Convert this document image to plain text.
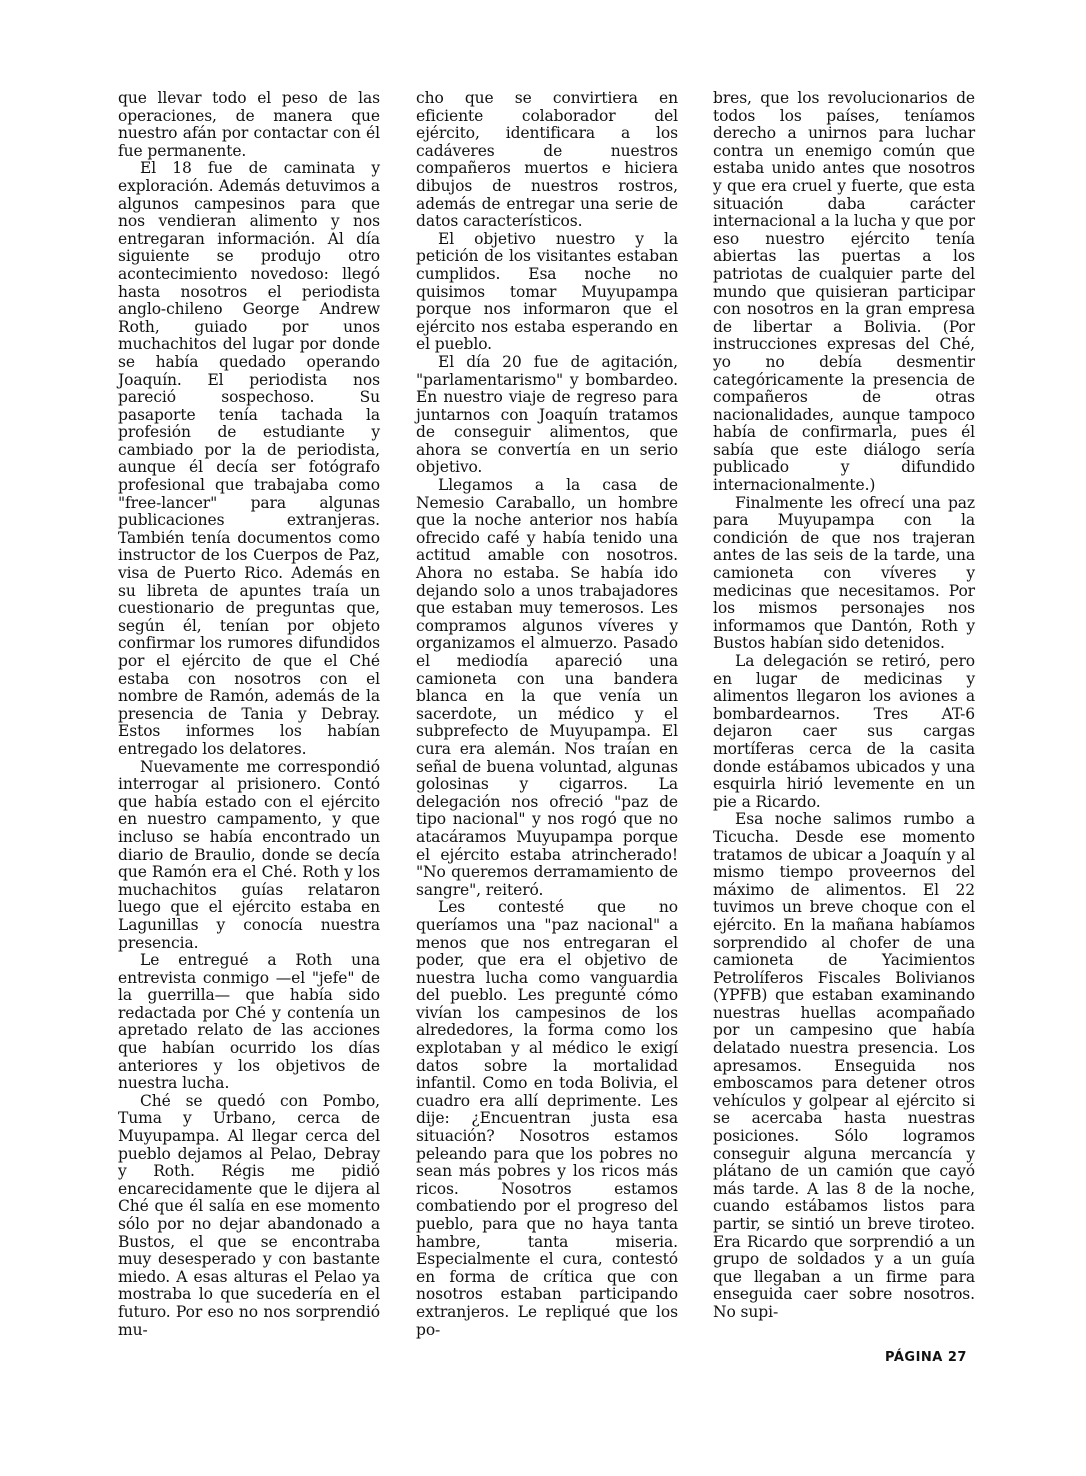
que llevar todo el peso de las operaciones, de manera que nuestro afán por contactar con él fue permanente.

El 18 fue de caminata y exploración. Además detuvimos a algunos campesinos para que nos vendieran alimento y nos entregaran información. Al día siguiente se produjo otro acontecimiento novedoso: llegó hasta nosotros el periodista anglo-chileno George Andrew Roth, guiado por unos muchachitos del lugar por donde se había quedado operando Joaquín. El periodista nos pareció sospechoso. Su pasaporte tenía tachada la profesión de estudiante y cambiado por la de periodista, aunque él decía ser fotógrafo profesional que trabajaba como "free-lancer" para algunas publicaciones extranjeras. También tenía documentos como instructor de los Cuerpos de Paz, visa de Puerto Rico. Además en su libreta de apuntes traía un cuestionario de preguntas que, según él, tenían por objeto confirmar los rumores difundidos por el ejército de que el Ché estaba con nosotros con el nombre de Ramón, además de la presencia de Tania y Debray. Estos informes los habían entregado los delatores.

Nuevamente me correspondió interrogar al prisionero. Contó que había estado con el ejército en nuestro campamento, y que incluso se había encontrado un diario de Braulio, donde se decía que Ramón era el Ché. Roth y los muchachitos guías relataron luego que el ejército estaba en Lagunillas y conocía nuestra presencia.

Le entregué a Roth una entrevista conmigo —el "jefe" de la guerrilla— que había sido redactada por Ché y contenía un apretado relato de las acciones que habían ocurrido los días anteriores y los objetivos de nuestra lucha.

Ché se quedó con Pombo, Tuma y Urbano, cerca de Muyupampa. Al llegar cerca del pueblo dejamos al Pelao, Debray y Roth. Régis me pidió encarecidamente que le dijera al Ché que él salía en ese momento sólo por no dejar abandonado a Bustos, el que se encontraba muy desesperado y con bastante miedo. A esas alturas el Pelao ya mostraba lo que sucedería en el futuro. Por eso no nos sorprendió mu-

cho que se convirtiera en eficiente colaborador del ejército, identificara a los cadáveres de nuestros compañeros muertos e hiciera dibujos de nuestros rostros, además de entregar una serie de datos característicos.

El objetivo nuestro y la petición de los visitantes estaban cumplidos. Esa noche no quisimos tomar Muyupampa porque nos informaron que el ejército nos estaba esperando en el pueblo.

El día 20 fue de agitación, "parlamentarismo" y bombardeo. En nuestro viaje de regreso para juntarnos con Joaquín tratamos de conseguir alimentos, que ahora se convertía en un serio objetivo.

Llegamos a la casa de Nemesio Caraballo, un hombre que la noche anterior nos había ofrecido café y había tenido una actitud amable con nosotros. Ahora no estaba. Se había ido dejando solo a unos trabajadores que estaban muy temerosos. Les compramos algunos víveres y organizamos el almuerzo. Pasado el mediodía apareció una camioneta con una bandera blanca en la que venía un sacerdote, un médico y el subprefecto de Muyupampa. El cura era alemán. Nos traían en señal de buena voluntad, algunas golosinas y cigarros. La delegación nos ofreció "paz de tipo nacional" y nos rogó que no atacáramos Muyupampa porque el ejército estaba atrincherado! "No queremos derramamiento de sangre", reiteró.

Les contesté que no queríamos una "paz nacional" a menos que nos entregaran el poder, que era el objetivo de nuestra lucha como vanguardia del pueblo. Les pregunté cómo vivían los campesinos de los alrededores, la forma como los explotaban y al médico le exigí datos sobre la mortalidad infantil. Como en toda Bolivia, el cuadro era allí deprimente. Les dije: ¿Encuentran justa esa situación? Nosotros estamos peleando para que los pobres no sean más pobres y los ricos más ricos. Nosotros estamos combatiendo por el progreso del pueblo, para que no haya tanta hambre, tanta miseria. Especialmente el cura, contestó en forma de crítica que con nosotros estaban participando extranjeros. Le repliqué que los po-

bres, que los revolucionarios de todos los países, teníamos derecho a unirnos para luchar contra un enemigo común que estaba unido antes que nosotros y que era cruel y fuerte, que esta situación daba carácter internacional a la lucha y que por eso nuestro ejército tenía abiertas las puertas a los patriotas de cualquier parte del mundo que quisieran participar con nosotros en la gran empresa de libertar a Bolivia. (Por instrucciones expresas del Ché, yo no debía desmentir categóricamente la presencia de compañeros de otras nacionalidades, aunque tampoco había de confirmarla, pues él sabía que este diálogo sería publicado y difundido internacionalmente.)

Finalmente les ofrecí una paz para Muyupampa con la condición de que nos trajeran antes de las seis de la tarde, una camioneta con víveres y medicinas que necesitamos. Por los mismos personajes nos informamos que Dantón, Roth y Bustos habían sido detenidos.

La delegación se retiró, pero en lugar de medicinas y alimentos llegaron los aviones a bombardearnos. Tres AT-6 dejaron caer sus cargas mortíferas cerca de la casita donde estábamos ubicados y una esquirla hirió levemente en un pie a Ricardo.

Esa noche salimos rumbo a Ticucha. Desde ese momento tratamos de ubicar a Joaquín y al mismo tiempo proveernos del máximo de alimentos. El 22 tuvimos un breve choque con el ejército. En la mañana habíamos sorprendido al chofer de una camioneta de Yacimientos Petrolíferos Fiscales Bolivianos (YPFB) que estaban examinando nuestras huellas acompañado por un campesino que había delatado nuestra presencia. Los apresamos. Enseguida nos emboscamos para detener otros vehículos y golpear al ejército si se acercaba hasta nuestras posiciones. Sólo logramos conseguir alguna mercancía y plátano de un camión que cayó más tarde. A las 8 de la noche, cuando estábamos listos para partir, se sintió un breve tiroteo. Era Ricardo que sorprendió a un grupo de soldados y a un guía que llegaban a un firme para enseguida caer sobre nosotros. No supi-

PÁGINA 27
